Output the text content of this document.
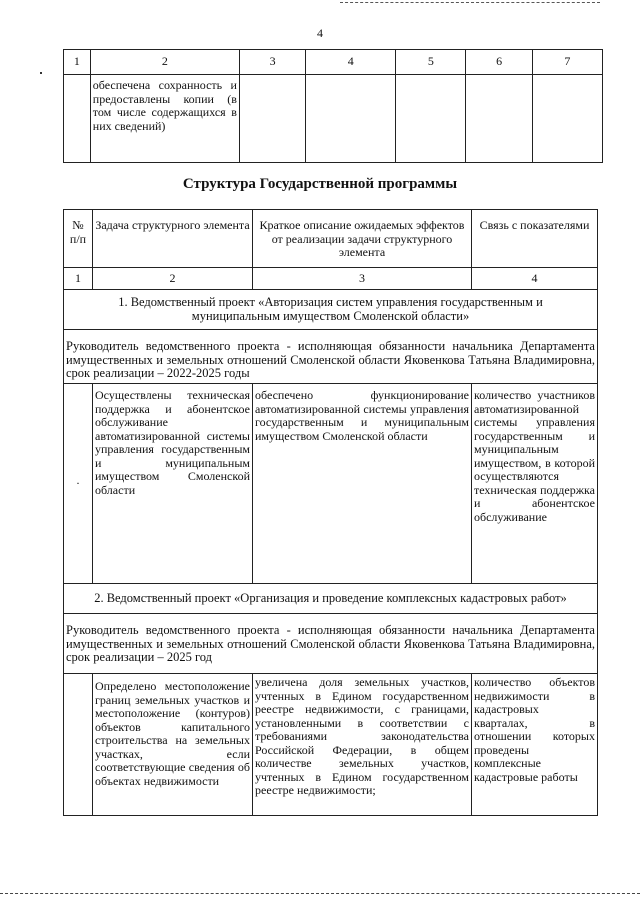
4
1	2	3	4	5	6	7
	обеспечена сохранность и предоставлены копии (в том числе содержащихся в них сведений)					
Структура Государственной программы
№ п/п	Задача структурного элемента	Краткое описание ожидаемых эффектов от реализации задачи структурного элемента	Связь с показателями
1	2	3	4
1. Ведомственный проект «Авторизация систем управления государственным и муниципальным имуществом Смоленской области»			
Руководитель ведомственного проекта - исполняющая обязанности начальника Департамента имущественных и земельных отношений Смоленской области Яковенкова Татьяна Владимировна, срок реализации – 2022-2025 годы			
·	Осуществлены техническая поддержка и абонентское обслуживание автоматизированной системы управления государственным и муниципальным имуществом Смоленской области	обеспечено функционирование автоматизированной системы управления государственным и муниципальным имуществом Смоленской области	количество участников автоматизированной системы управления государственным и муниципальным имуществом, в которой осуществляются техническая поддержка и абонентское обслуживание
2. Ведомственный проект «Организация и проведение комплексных кадастровых работ»			
Руководитель ведомственного проекта - исполняющая обязанности начальника Департамента имущественных и земельных отношений Смоленской области Яковенкова Татьяна Владимировна, срок реализации – 2025 год			
	Определено местоположение границ земельных участков и местоположение (контуров) объектов капитального строительства на земельных участках, если соответствующие сведения об объектах недвижимости	увеличена доля земельных участков, учтенных в Едином государственном реестре недвижимости, с границами, установленными в соответствии с требованиями законодательства Российской Федерации, в общем количестве земельных участков, учтенных в Едином государственном реестре недвижимости;	количество объектов недвижимости в кадастровых кварталах, в отношении которых проведены комплексные кадастровые работы
